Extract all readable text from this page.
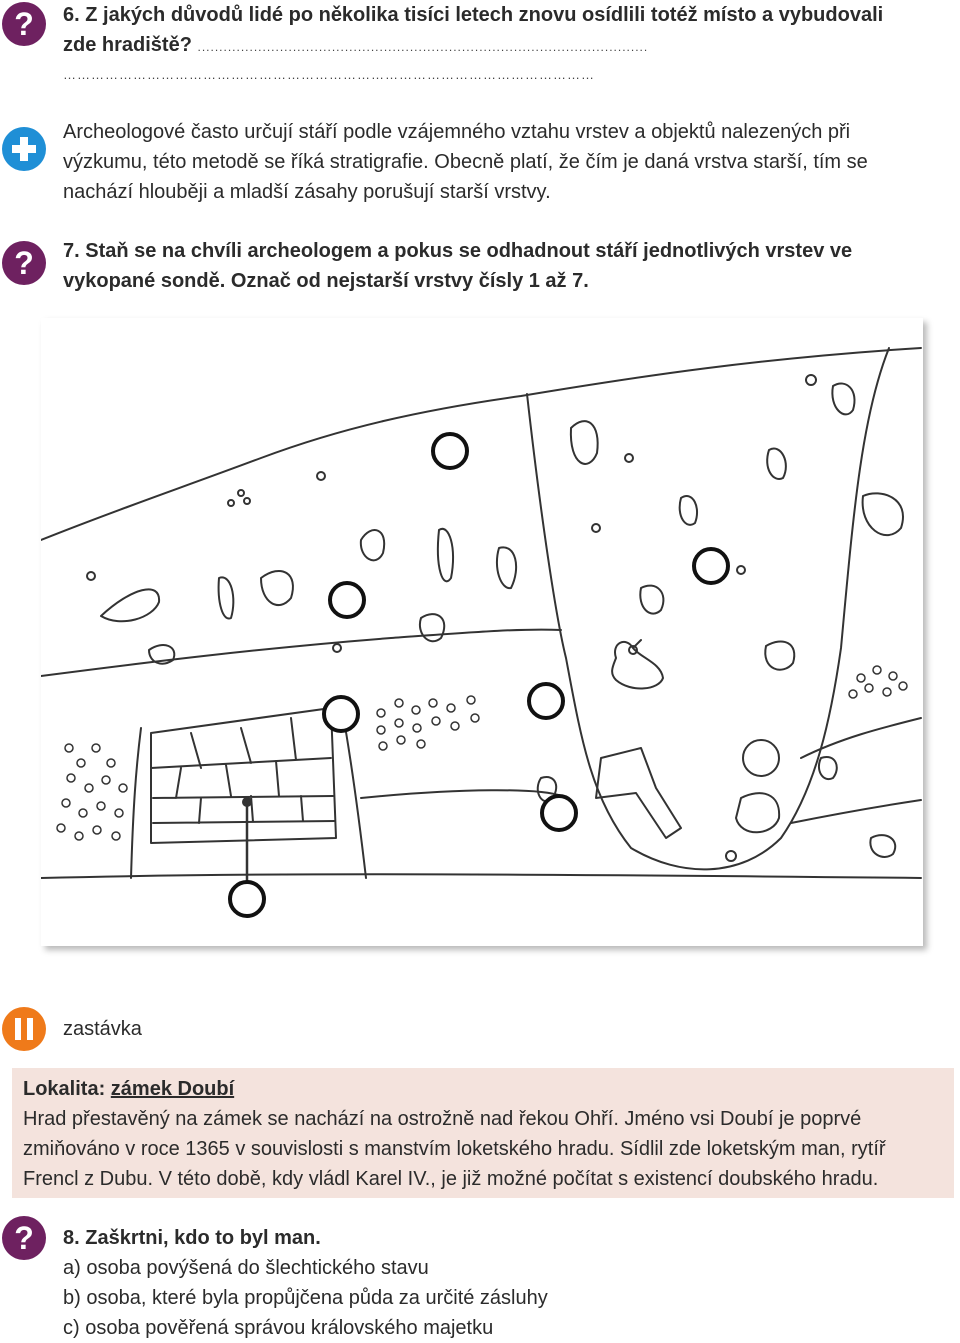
? 6. Z jakých důvodů lidé po několika tisíci letech znovu osídlili totéž místo a vybudovali
zde hradiště? ........................................................................................................
……………………………………………………………………………………………………
Archeologové často určují stáří podle vzájemného vztahu vrstev a objektů nalezených při
výzkumu, této metodě se říká stratigrafie. Obecně platí, že čím je daná vrstva starší, tím se
nachází hlouběji a mladší zásahy porušují starší vrstvy.
? 7. Staň se na chvíli archeologem a pokus se odhadnout stáří jednotlivých vrstev ve
vykopané sondě. Označ od nejstarší vrstvy čísly 1 až 7.
zastávka
Lokalita: zámek Doubí
Hrad přestavěný na zámek se nachází na ostrožně nad řekou Ohří. Jméno vsi Doubí je poprvé
zmiňováno v roce 1365 v souvislosti s manstvím loketského hradu. Sídlil zde loketským man, rytíř
Frencl z Dubu. V této době, kdy vládl Karel IV., je již možné počítat s existencí doubského hradu.
? 8. Zaškrtni, kdo to byl man.
a) osoba povýšená do šlechtického stavu
b) osoba, které byla propůjčena půda za určité zásluhy
c) osoba pověřená správou královského majetku
